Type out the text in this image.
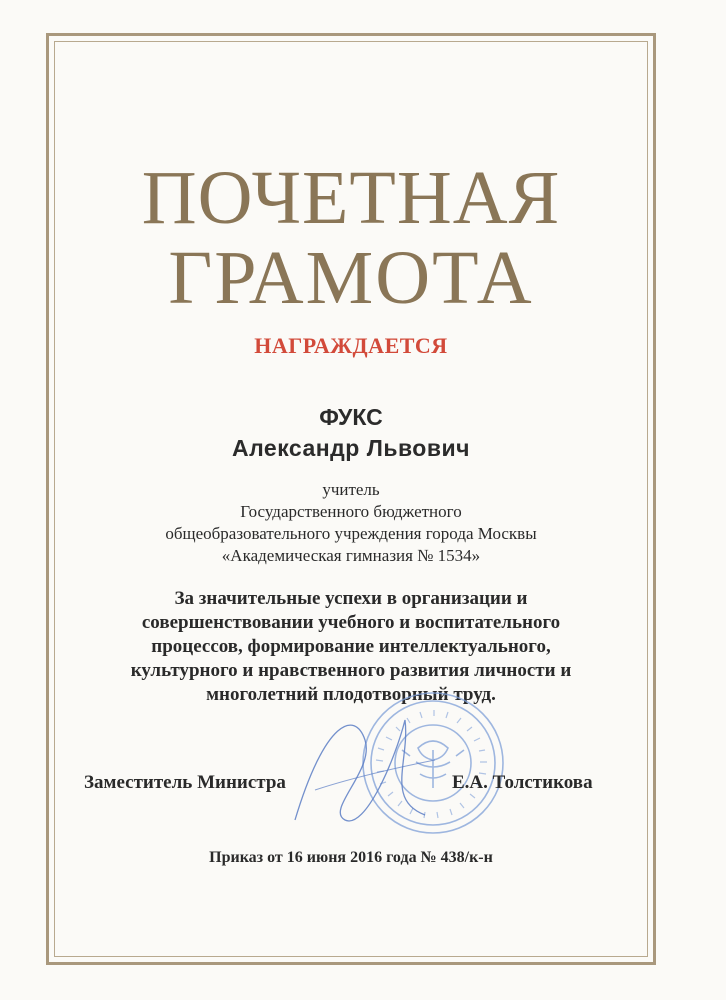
ПОЧЕТНАЯ
ГРАМОТА
НАГРАЖДАЕТСЯ
ФУКС
Александр Львович
учитель
Государственного бюджетного
общеобразовательного учреждения города Москвы
«Академическая гимназия № 1534»
За значительные успехи в организации и
совершенствовании учебного и воспитательного
процессов, формирование интеллектуального,
культурного и нравственного развития личности и
многолетний плодотворный труд.
Заместитель Министра	Е.А. Толстикова
Приказ от 16 июня 2016 года № 438/к-н
